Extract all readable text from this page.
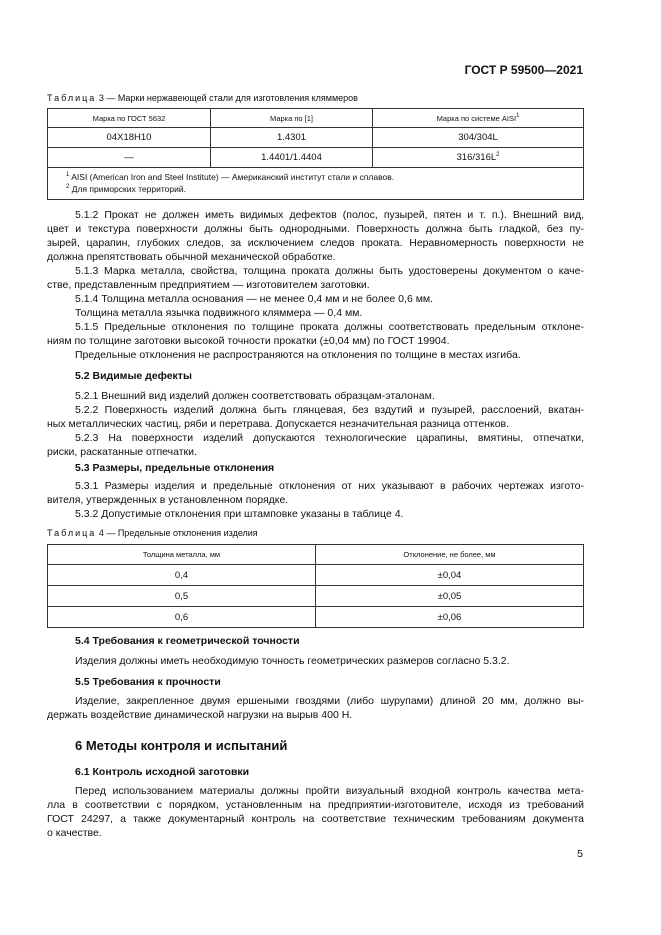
ГОСТ Р 59500—2021
Таблица 3 — Марки нержавеющей стали для изготовления кляммеров
Марка по ГОСТ 5632	Марка по [1]	Марка по системе AISI$^1$
04Х18Н10	1.4301	304/304L
—	1.4401/1.4404	$316/316L^2$

$^1$ AISI (American Iron and Steel Institute) — Американский институт стали и сплавов.
$^2$ Для приморских территорий.		
5.1.2 Прокат не должен иметь видимых дефектов (полос, пузырей, пятен и т. п.). Внешний вид,
цвет и текстура поверхности должны быть однородными. Поверхность должна быть гладкой, без пу-
зырей, царапин, глубоких следов, за исключением следов проката. Неравномерность поверхности не
должна препятствовать обычной механической обработке.
5.1.3 Марка металла, свойства, толщина проката должны быть удостоверены документом о каче-
стве, представленным предприятием — изготовителем заготовки.
5.1.4 Толщина металла основания — не менее 0,4 мм и не более 0,6 мм.
Толщина металла язычка подвижного кляммера — 0,4 мм.
5.1.5 Предельные отклонения по толщине проката должны соответствовать предельным отклоне-
ниям по толщине заготовки высокой точности прокатки (±0,04 мм) по ГОСТ 19904.
Предельные отклонения не распространяются на отклонения по толщине в местах изгиба.
5.2 Видимые дефекты
5.2.1 Внешний вид изделий должен соответствовать образцам-эталонам.
5.2.2 Поверхность изделий должна быть глянцевая, без вздутий и пузырей, расслоений, вкатан-
ных металлических частиц, ряби и перетрава. Допускается незначительная разница оттенков.
5.2.3 На поверхности изделий допускаются технологические царапины, вмятины, отпечатки,
риски, раскатанные отпечатки.
5.3 Размеры, предельные отклонения
5.3.1 Размеры изделия и предельные отклонения от них указывают в рабочих чертежах изгото-
вителя, утвержденных в установленном порядке.
5.3.2 Допустимые отклонения при штамповке указаны в таблице 4.
Таблица 4 — Предельные отклонения изделия
Толщина металла, мм	Отклонение, не более, мм
0,4	±0,04
0,5	±0,05
0,6	±0,06
5.4 Требования к геометрической точности
Изделия должны иметь необходимую точность геометрических размеров согласно 5.3.2.
5.5 Требования к прочности
Изделие, закрепленное двумя ершеными гвоздями (либо шурупами) длиной 20 мм, должно вы-
держать воздействие динамической нагрузки на вырыв 400 Н.
6 Методы контроля и испытаний
6.1 Контроль исходной заготовки
Перед использованием материалы должны пройти визуальный входной контроль качества мета-
лла в соответствии с порядком, установленным на предприятии-изготовителе, исходя из требований
ГОСТ 24297, а также документарный контроль на соответствие техническим требованиям документа
о качестве.
5
